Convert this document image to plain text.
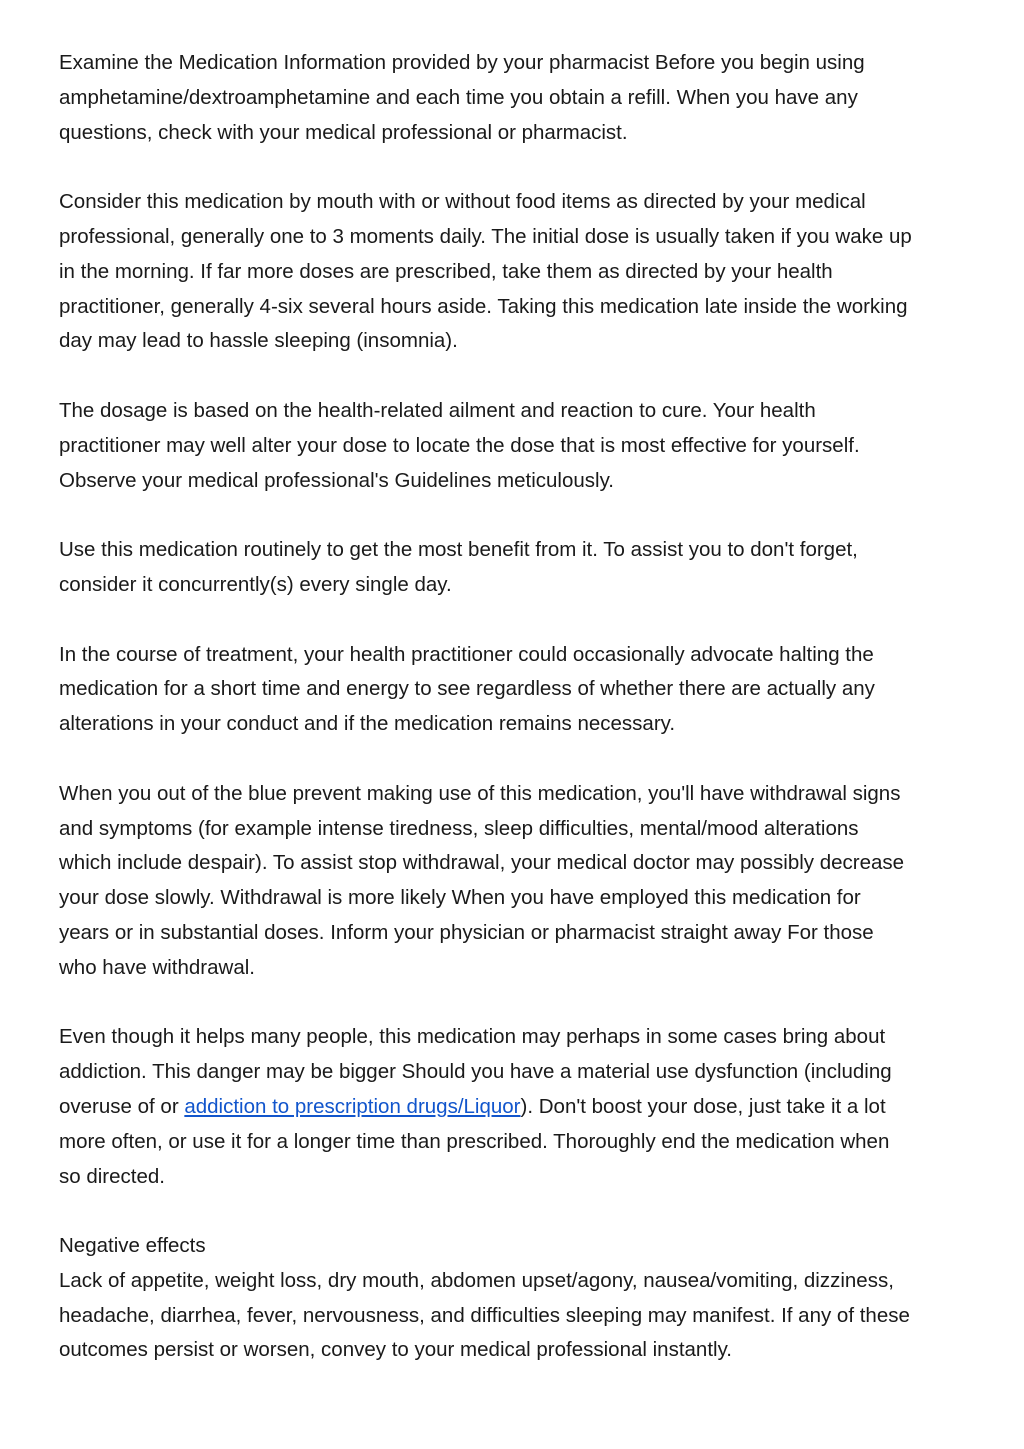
Examine the Medication Information provided by your pharmacist Before you begin using
amphetamine/dextroamphetamine and each time you obtain a refill. When you have any
questions, check with your medical professional or pharmacist.

Consider this medication by mouth with or without food items as directed by your medical
professional, generally one to 3 moments daily. The initial dose is usually taken if you wake up
in the morning. If far more doses are prescribed, take them as directed by your health
practitioner, generally 4-six several hours aside. Taking this medication late inside the working
day may lead to hassle sleeping (insomnia).

The dosage is based on the health-related ailment and reaction to cure. Your health
practitioner may well alter your dose to locate the dose that is most effective for yourself.
Observe your medical professional's Guidelines meticulously.

Use this medication routinely to get the most benefit from it. To assist you to don't forget,
consider it concurrently(s) every single day.

In the course of treatment, your health practitioner could occasionally advocate halting the
medication for a short time and energy to see regardless of whether there are actually any
alterations in your conduct and if the medication remains necessary.

When you out of the blue prevent making use of this medication, you'll have withdrawal signs
and symptoms (for example intense tiredness, sleep difficulties, mental/mood alterations
which include despair). To assist stop withdrawal, your medical doctor may possibly decrease
your dose slowly. Withdrawal is more likely When you have employed this medication for
years or in substantial doses. Inform your physician or pharmacist straight away For those
who have withdrawal.

Even though it helps many people, this medication may perhaps in some cases bring about
addiction. This danger may be bigger Should you have a material use dysfunction (including
overuse of or addiction to prescription drugs/Liquor). Don't boost your dose, just take it a lot
more often, or use it for a longer time than prescribed. Thoroughly end the medication when
so directed.

Negative effects
Lack of appetite, weight loss, dry mouth, abdomen upset/agony, nausea/vomiting, dizziness,
headache, diarrhea, fever, nervousness, and difficulties sleeping may manifest. If any of these
outcomes persist or worsen, convey to your medical professional instantly.
